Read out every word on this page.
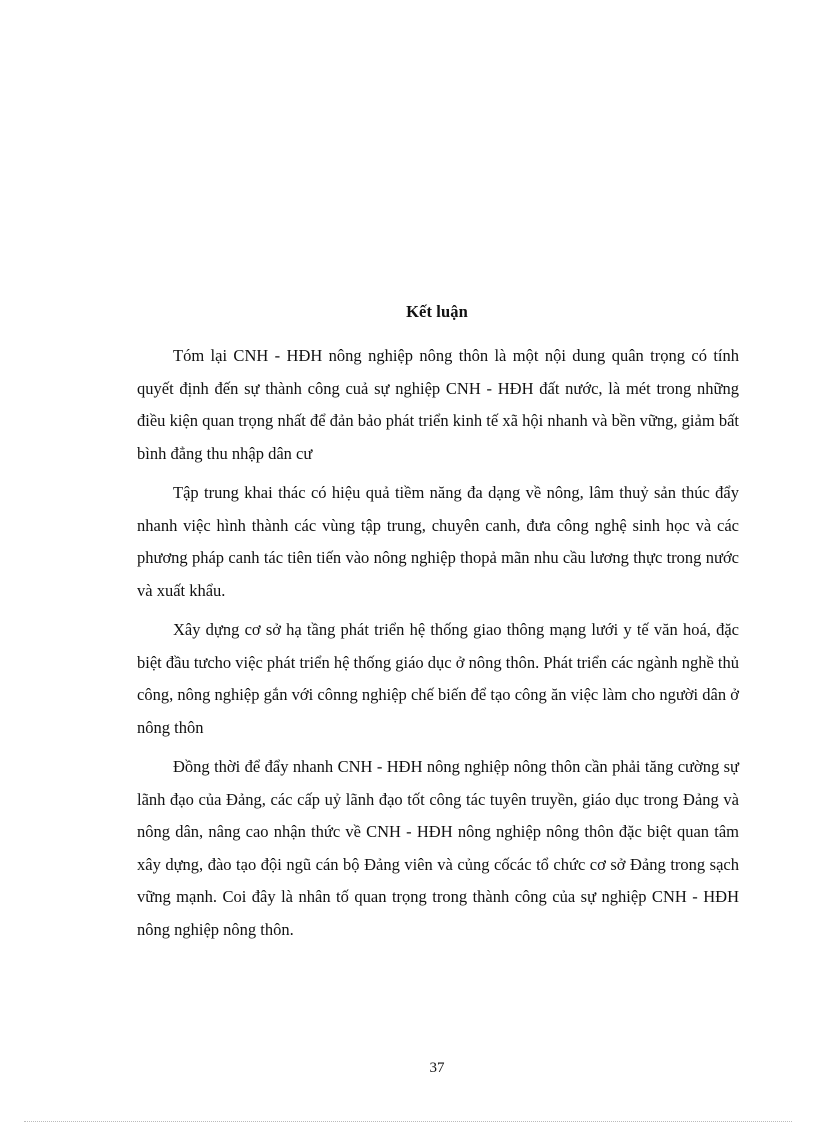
Kết luận

Tóm lại CNH - HĐH nông nghiệp nông thôn là một nội dung quân trọng có tính quyết định đến sự thành công cuả sự nghiệp CNH - HĐH đất nước, là mét trong những điều kiện quan trọng nhất để đản bảo phát triển kinh tế xã hội nhanh và bền vững, giảm bất bình đẳng thu nhập dân cư

Tập trung khai thác có hiệu quả tiềm năng đa dạng về nông, lâm thuỷ sản thúc đẩy nhanh việc hình thành các vùng tập trung, chuyên canh, đưa công nghệ sinh học và các phương pháp canh tác tiên tiến vào nông nghiệp thopả mãn nhu cầu lương thực trong nước và xuất khẩu.

Xây dựng cơ sở hạ tầng phát triển hệ thống giao thông mạng lưới y tế văn hoá, đặc biệt đầu tưcho việc phát triển hệ thống giáo dục ở nông thôn. Phát triển các ngành nghề thủ công, nông nghiệp gắn với cônng nghiệp chế biến để tạo công ăn việc làm cho người dân ở nông thôn

Đồng thời để đẩy nhanh CNH - HĐH nông nghiệp nông thôn cần phải tăng cường sự lãnh đạo của Đảng, các cấp uỷ lãnh đạo tốt công tác tuyên truyền, giáo dục trong Đảng và nông dân, nâng cao nhận thức về CNH - HĐH nông nghiệp nông thôn đặc biệt quan tâm xây dựng, đào tạo đội ngũ cán bộ Đảng viên và củng cốcác tổ chức cơ sở Đảng trong sạch vững mạnh. Coi đây là nhân tố quan trọng trong thành công của sự nghiệp CNH - HĐH nông nghiệp nông thôn.

37
